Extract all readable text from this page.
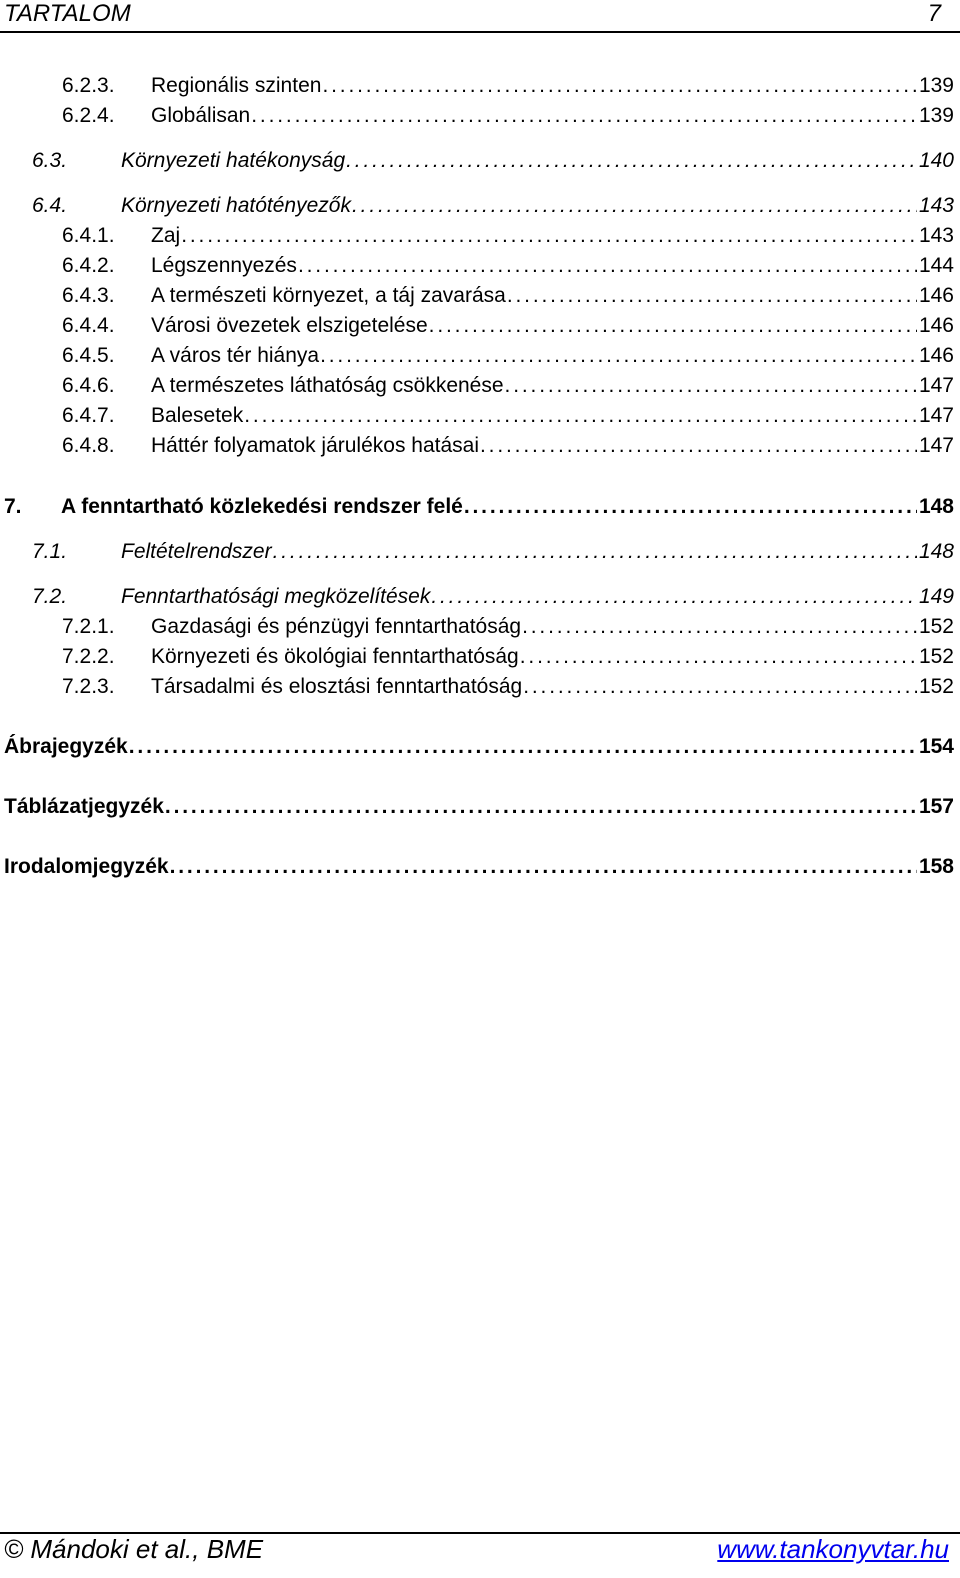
TARTALOM	7
6.2.3.	Regionális szinten . . .	139
6.2.4.	Globálisan . . .	139
6.3.	Környezeti hatékonyság . . .	140
6.4.	Környezeti hatótényezők . . .	143
6.4.1.	Zaj . . .	143
6.4.2.	Légszennyezés . . .	144
6.4.3.	A természeti környezet, a táj zavarása . . .	146
6.4.4.	Városi övezetek elszigetelése . . .	146
6.4.5.	A város tér hiánya . . .	146
6.4.6.	A természetes láthatóság csökkenése . . .	147
6.4.7.	Balesetek . . .	147
6.4.8.	Háttér folyamatok járulékos hatásai . . .	147
7.	A fenntartható közlekedési rendszer felé . . .	148
7.1.	Feltételrendszer . . .	148
7.2.	Fenntarthatósági megközelítések . . .	149
7.2.1.	Gazdasági és pénzügyi fenntarthatóság . . .	152
7.2.2.	Környezeti és ökológiai fenntarthatóság . . .	152
7.2.3.	Társadalmi és elosztási fenntarthatóság . . .	152
Ábrajegyzék . . .	154
Táblázatjegyzék . . .	157
Irodalomjegyzék . . .	158
© Mándoki et al., BME	www.tankonyvtar.hu
